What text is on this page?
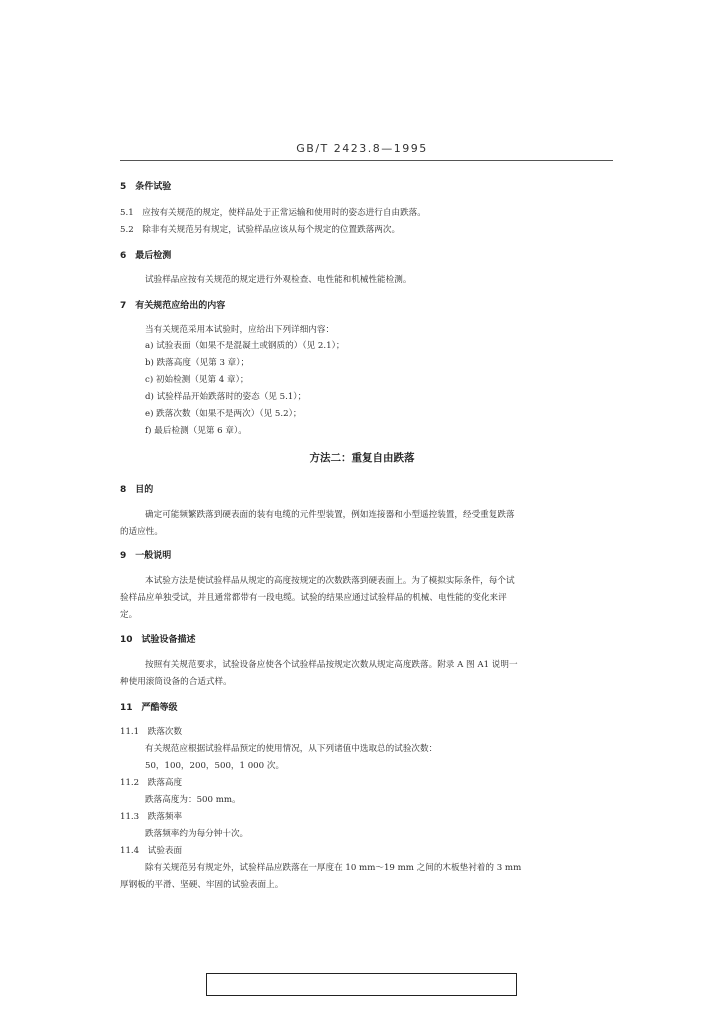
GB/T 2423.8—1995
5　条件试验
5.1　应按有关规范的规定，使样品处于正常运输和使用时的姿态进行自由跌落。
5.2　除非有关规范另有规定，试验样品应该从每个规定的位置跌落两次。
6　最后检测
试验样品应按有关规范的规定进行外观检查、电性能和机械性能检测。
7　有关规范应给出的内容
当有关规范采用本试验时，应给出下列详细内容：
a) 试验表面（如果不是混凝土或钢质的）（见 2.1）；
b) 跌落高度（见第 3 章）；
c) 初始检测（见第 4 章）；
d) 试验样品开始跌落时的姿态（见 5.1）；
e) 跌落次数（如果不是两次）（见 5.2）；
f) 最后检测（见第 6 章）。
方法二：重复自由跌落
8　目的
确定可能频繁跌落到硬表面的装有电缆的元件型装置，例如连接器和小型遥控装置，经受重复跌落
的适应性。
9　一般说明
本试验方法是使试验样品从规定的高度按规定的次数跌落到硬表面上。为了模拟实际条件，每个试
验样品应单独受试，并且通常都带有一段电缆。试验的结果应通过试验样品的机械、电性能的变化来评
定。
10　试验设备描述
按照有关规范要求，试验设备应使各个试验样品按规定次数从规定高度跌落。附录 A 图 A1 说明一
种使用滚筒设备的合适式样。
11　严酷等级
11.1　跌落次数
有关规范应根据试验样品预定的使用情况，从下列诸值中选取总的试验次数：
50，100，200，500，1 000 次。
11.2　跌落高度
跌落高度为：500 mm。
11.3　跌落频率
跌落频率约为每分钟十次。
11.4　试验表面
除有关规范另有规定外，试验样品应跌落在一厚度在 10 mm～19 mm 之间的木板垫衬着的 3 mm
厚钢板的平滑、坚硬、牢固的试验表面上。
